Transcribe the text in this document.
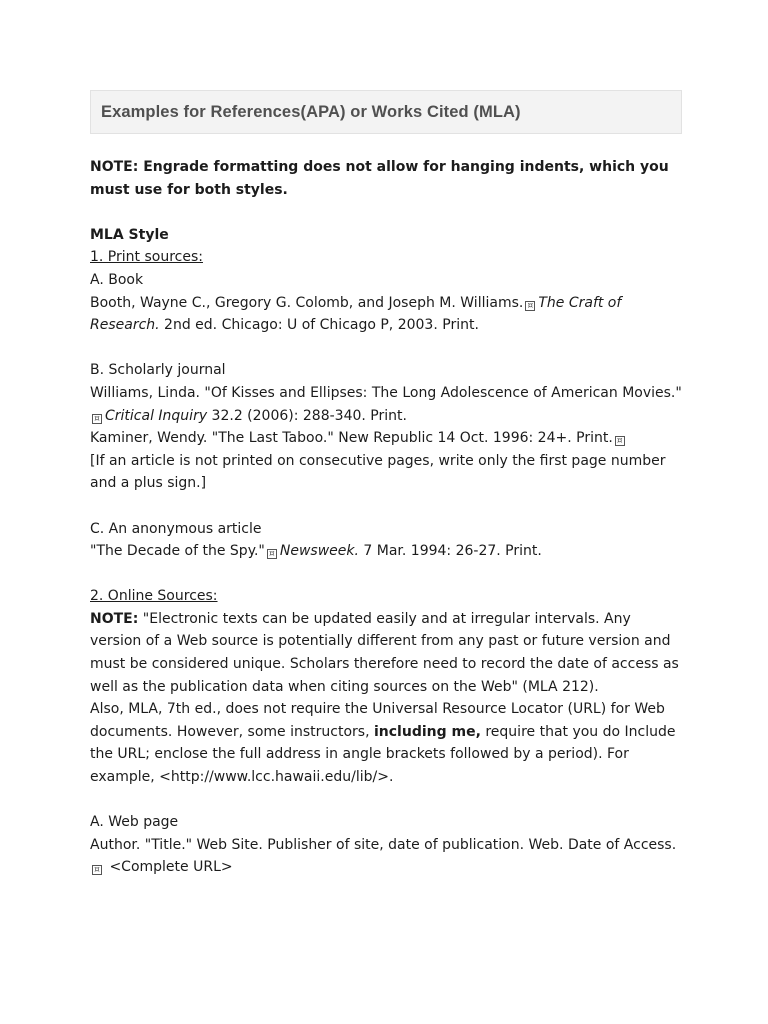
Examples for References(APA) or Works Cited (MLA)

NOTE: Engrade formatting does not allow for hanging indents, which you must use for both styles.

MLA Style

1. Print sources:

A. Book

Booth, Wayne C., Gregory G. Colomb, and Joseph M. Williams. ¤ The Craft of Research. 2nd ed. Chicago: U of Chicago P, 2003. Print.

B. Scholarly journal

Williams, Linda. "Of Kisses and Ellipses: The Long Adolescence of American Movies."¤ Critical Inquiry 32.2 (2006): 288-340. Print.

Kaminer, Wendy. "The Last Taboo." New Republic 14 Oct. 1996: 24+. Print. ¤

[If an article is not printed on consecutive pages, write only the first page number and a plus sign.]

C. An anonymous article

"The Decade of the Spy." ¤ Newsweek. 7 Mar. 1994: 26-27. Print.

2. Online Sources:

NOTE: "Electronic texts can be updated easily and at irregular intervals. Any version of a Web source is potentially different from any past or future version and must be considered unique. Scholars therefore need to record the date of access as well as the publication data when citing sources on the Web" (MLA 212).

Also, MLA, 7th ed., does not require the Universal Resource Locator (URL) for Web documents. However, some instructors, including me, require that you do Include the URL; enclose the full address in angle brackets followed by a period). For example, <http://www.lcc.hawaii.edu/lib/>.

A. Web page

Author. "Title." Web Site. Publisher of site, date of publication. Web. Date of Access.¤ <Complete URL>
